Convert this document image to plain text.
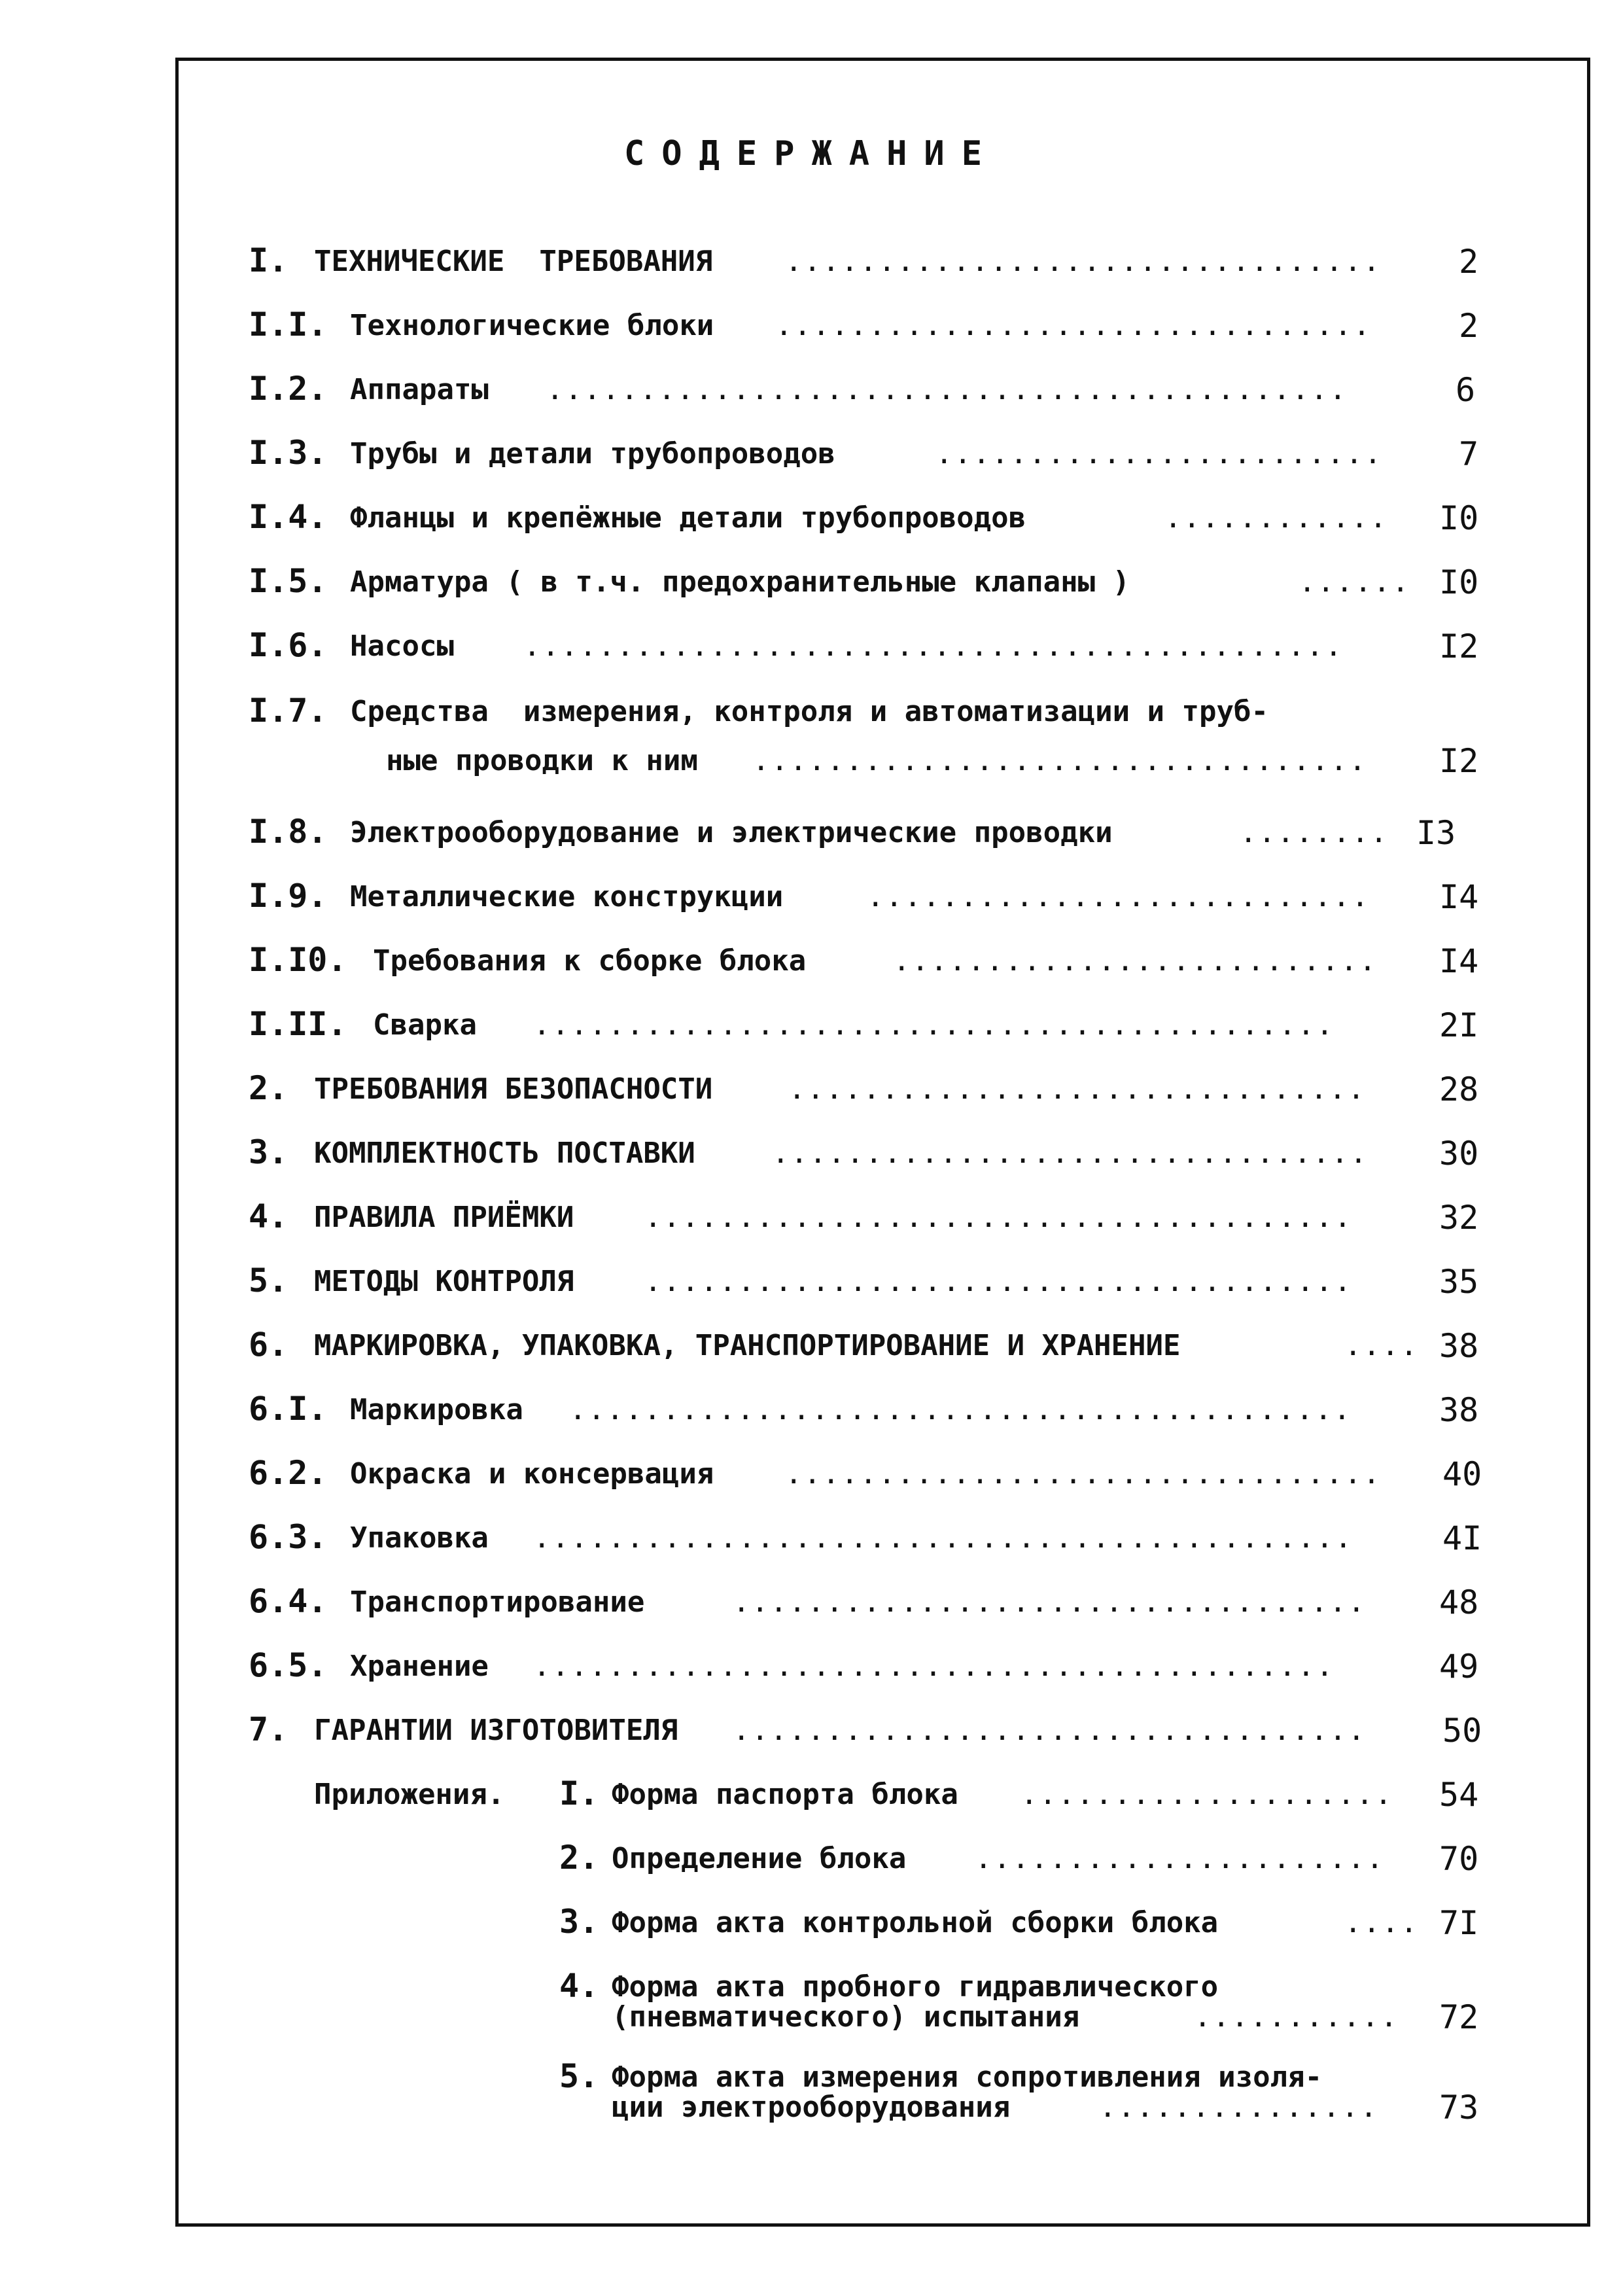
СОДЕРЖАНИЕ
I. ТЕХНИЧЕСКИЕ  ТРЕБОВАНИЯ	................................	2
I.I. Технологические блоки ................................	2
I.2. Аппараты ...........................................	6
I.3. Трубы и детали трубопроводов	........................	7
I.4. Фланцы и крепёжные детали трубопроводов	............	I0
I.5. Арматура ( в т.ч. предохранительные клапаны )	...... I0
I.6. Насосы ............................................	I2
I.7. Средства  измерения, контроля и автоматизации и труб-
ные проводки к ним .................................	I2
I.8. Электрооборудование и электрические проводки	........ I3
I.9. Металлические конструкции	...........................	I4
I.I0. Требования к сборке блока	..........................	I4
I.II. Сварка ...........................................	2I
2. ТРЕБОВАНИЯ БЕЗОПАСНОСТИ	...............................	28
3. КОМПЛЕКТНОСТЬ ПОСТАВКИ	................................	30
4. ПРАВИЛА ПРИЁМКИ ......................................	32
5. МЕТОДЫ КОНТРОЛЯ ......................................	35
6. МАРКИРОВКА, УПАКОВКА, ТРАНСПОРТИРОВАНИЕ И ХРАНЕНИЕ	.... 38
6.I. Маркировка ..........................................	38
6.2. Окраска и консервация ................................	40
6.3. Упаковка ............................................	4I
6.4. Транспортирование	..................................	48
6.5. Хранение ...........................................	49
7. ГАРАНТИИ ИЗГОТОВИТЕЛЯ ..................................	50
Приложения. I. Форма паспорта блока ....................	54
2. Определение блока ......................	70
3. Форма акта контрольной сборки блока	.... 7I
4. Форма акта пробного гидравлического
(пневматического) испытания	...........	72
5. Форма акта измерения сопротивления изоля-
ции электрооборудования	...............	73
